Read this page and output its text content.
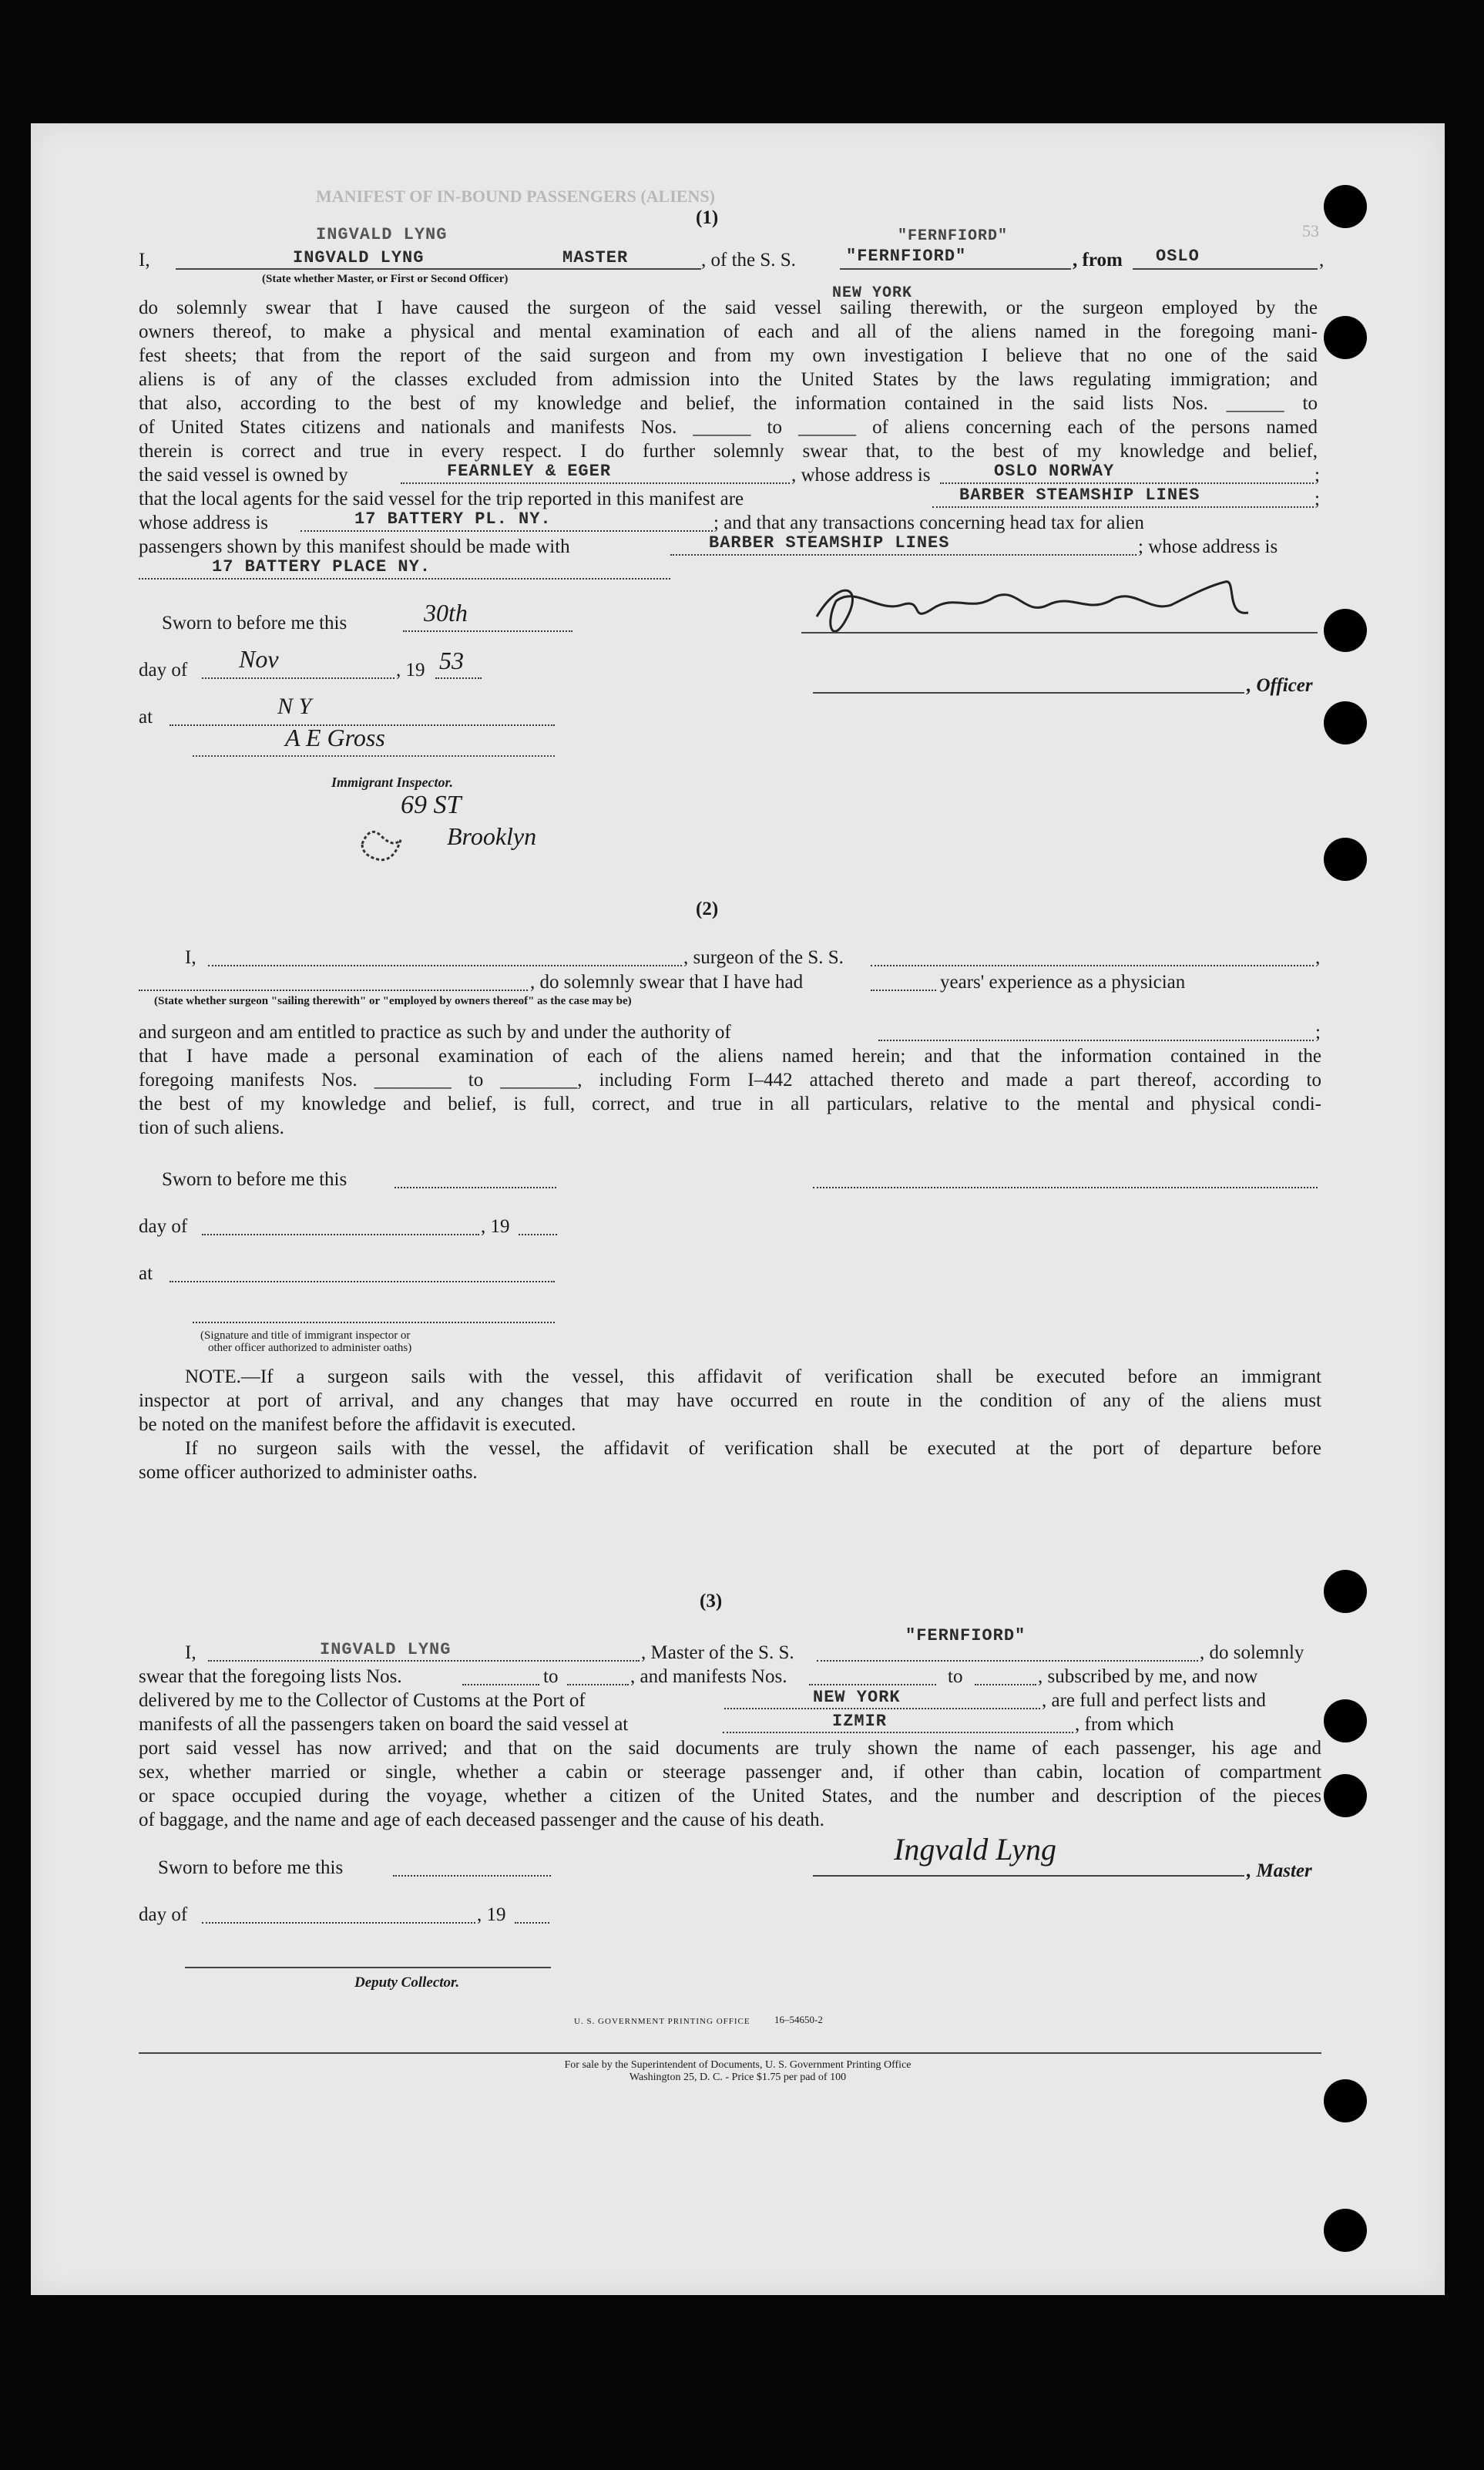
MANIFEST OF IN-BOUND PASSENGERS (ALIENS)
53
(1)
INGVALD LYNG	"FERNFIORD"
I,	INGVALD LYNG	MASTER	, of the S. S.	"FERNFIORD"	, from OSLO	,
(State whether Master, or First or Second Officer)
NEW YORK
do solemnly swear that I have caused the surgeon of the said vessel sailing therewith, or the surgeon employed by the
owners thereof, to make a physical and mental examination of each and all of the aliens named in the foregoing mani-
fest sheets; that from the report of the said surgeon and from my own investigation I believe that no one of the said
aliens is of any of the classes excluded from admission into the United States by the laws regulating immigration; and
that also, according to the best of my knowledge and belief, the information contained in the said lists Nos. ______ to
of United States citizens and nationals and manifests Nos. ______ to ______ of aliens concerning each of the persons named
therein is correct and true in every respect. I do further solemnly swear that, to the best of my knowledge and belief,
the said vessel is owned by	FEARNLEY & EGER	, whose address is	OSLO NORWAY	;
that the local agents for the said vessel for the trip reported in this manifest are	BARBER STEAMSHIP LINES	;
whose address is	17 BATTERY PL. NY.	; and that any transactions concerning head tax for alien
passengers shown by this manifest should be made with	BARBER STEAMSHIP LINES	; whose address is
17 BATTERY PLACE NY.
Sworn to before me this	30th
day of Nov	, 19 53
at	N Y
A E Gross
Immigrant Inspector.
69 ST
Brooklyn
, Officer
(2)
I,	, surgeon of the S. S.	,
, do solemnly swear that I have had	years' experience as a physician
(State whether surgeon "sailing therewith" or "employed by owners thereof" as the case may be)
and surgeon and am entitled to practice as such by and under the authority of	;
that I have made a personal examination of each of the aliens named herein; and that the information contained in the
foregoing manifests Nos. ________ to ________, including Form I–442 attached thereto and made a part thereof, according to
the best of my knowledge and belief, is full, correct, and true in all particulars, relative to the mental and physical condi-
tion of such aliens.
Sworn to before me this
day of	, 19
at
(Signature and title of immigrant inspector or
other officer authorized to administer oaths)
NOTE.—If a surgeon sails with the vessel, this affidavit of verification shall be executed before an immigrant
inspector at port of arrival, and any changes that may have occurred en route in the condition of any of the aliens must
be noted on the manifest before the affidavit is executed.
If no surgeon sails with the vessel, the affidavit of verification shall be executed at the port of departure before
some officer authorized to administer oaths.
(3)
I,	INGVALD LYNG	, Master of the S. S.
"FERNFIORD"
, do solemnly
swear that the foregoing lists Nos.	to	, and manifests Nos.	to	, subscribed by me, and now
delivered by me to the Collector of Customs at the Port of	NEW YORK	, are full and perfect lists and
manifests of all the passengers taken on board the said vessel at	IZMIR	, from which
port said vessel has now arrived; and that on the said documents are truly shown the name of each passenger, his age and
sex, whether married or single, whether a cabin or steerage passenger and, if other than cabin, location of compartment
or space occupied during the voyage, whether a citizen of the United States, and the number and description of the pieces
of baggage, and the name and age of each deceased passenger and the cause of his death.
Sworn to before me this
Ingvald Lyng
, Master
day of	, 19
Deputy Collector.
U. S. GOVERNMENT PRINTING OFFICE 16–54650-2
For sale by the Superintendent of Documents, U. S. Government Printing Office
Washington 25, D. C. - Price $1.75 per pad of 100
